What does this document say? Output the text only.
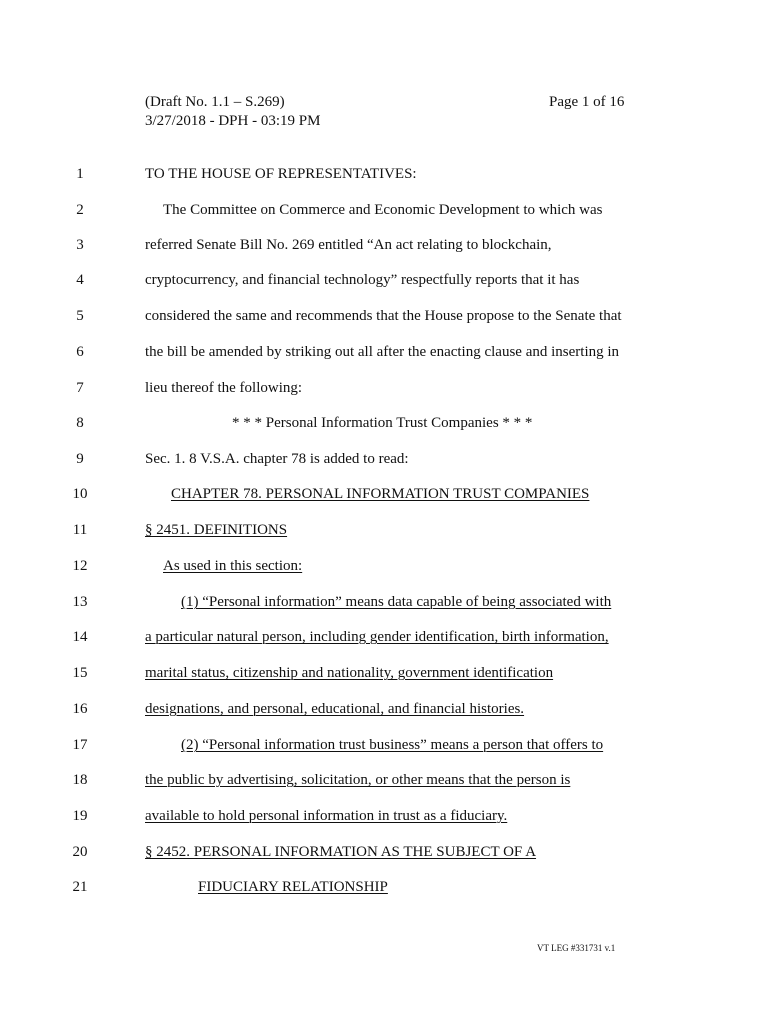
(Draft No. 1.1 – S.269)	Page 1 of 16
3/27/2018 - DPH - 03:19 PM
1	TO THE HOUSE OF REPRESENTATIVES:
2	The Committee on Commerce and Economic Development to which was
3	referred Senate Bill No. 269 entitled “An act relating to blockchain,
4	cryptocurrency, and financial technology” respectfully reports that it has
5	considered the same and recommends that the House propose to the Senate that
6	the bill be amended by striking out all after the enacting clause and inserting in
7	lieu thereof the following:
8	* * * Personal Information Trust Companies * * *
9	Sec. 1. 8 V.S.A. chapter 78 is added to read:
10	CHAPTER 78. PERSONAL INFORMATION TRUST COMPANIES
11	§ 2451. DEFINITIONS
12	As used in this section:
13	(1) “Personal information” means data capable of being associated with
14	a particular natural person, including gender identification, birth information,
15	marital status, citizenship and nationality, government identification
16	designations, and personal, educational, and financial histories.
17	(2) “Personal information trust business” means a person that offers to
18	the public by advertising, solicitation, or other means that the person is
19	available to hold personal information in trust as a fiduciary.
20	§ 2452. PERSONAL INFORMATION AS THE SUBJECT OF A
21	FIDUCIARY RELATIONSHIP
VT LEG #331731 v.1
